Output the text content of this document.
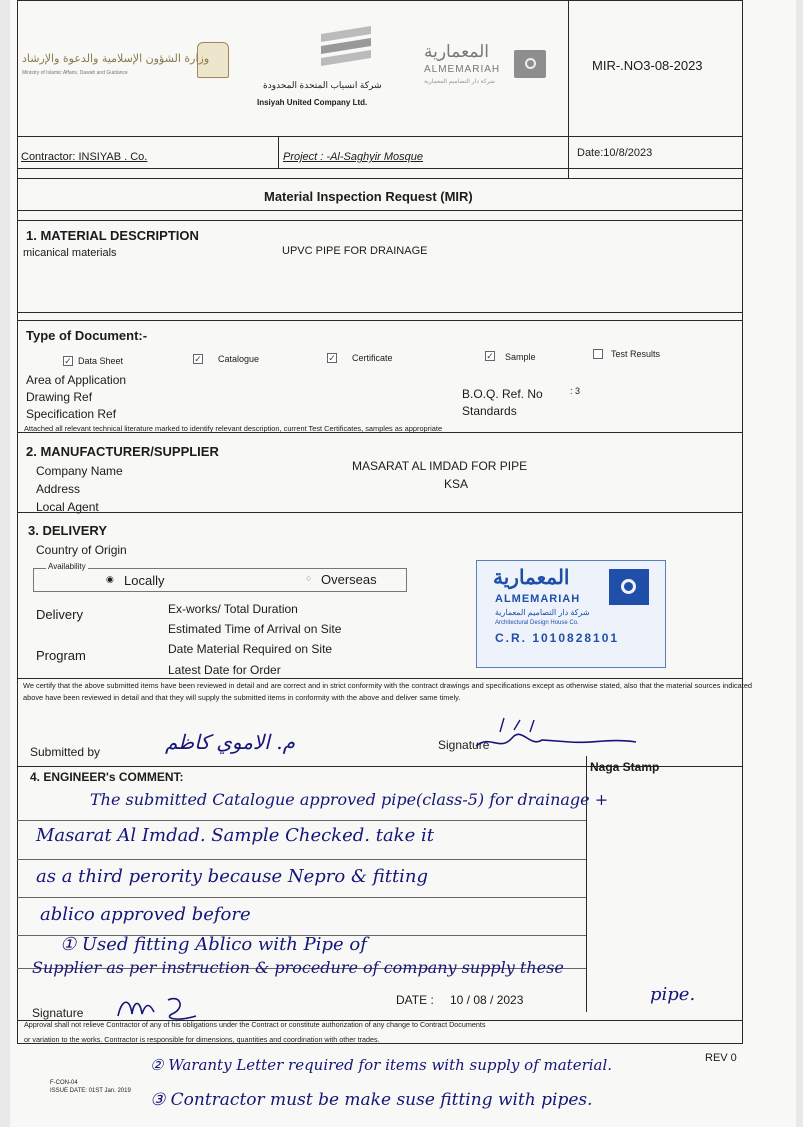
وزارة الشؤون الإسلامية والدعوة والإرشاد
Ministry of Islamic Affairs, Dawah and Guidance
شركة انسياب المتحدة المحدودة
Insiyah United Company Ltd.
المعمارية
ALMEMARIAH
شركة دار التصاميم المعمارية
MIR-.NO3-08-2023
Contractor: INSIYAB . Co.	Project : -Al-Saghyir Mosque	Date:10/8/2023
Material Inspection Request (MIR)
1. MATERIAL DESCRIPTION
micanical materials	UPVC PIPE FOR DRAINAGE
Type of Document:-
✓ Data Sheet	✓ Catalogue	✓ Certificate	✓ Sample	Test Results
Area of Application
Drawing Ref
Specification Ref
B.O.Q. Ref. No	: 3
Standards
Attached all relevant technical literature marked to identify relevant description, current Test Certificates, samples as appropriate
2. MANUFACTURER/SUPPLIER
Company Name	MASARAT AL IMDAD FOR PIPE
Address	KSA
Local Agent
3. DELIVERY
Country of Origin
Availability
◉ Locally	○ Overseas
Delivery	Ex-works/ Total Duration
Estimated Time of Arrival on Site
Program	Date Material Required on Site
Latest Date for Order
المعمارية
ALMEMARIAH
شركة دار التصاميم المعمارية
Architectural Design House Co.
C.R. 1010828101
We certify that the above submitted items have been reviewed in detail and are correct and in strict conformity with the contract drawings and specifications except as otherwise stated, also that the material sources indicated above have been reviewed in detail and that they will supply the submitted items in conformity with the above and deliver same timely.
Submitted by	م. الاموي كاظم	Signature
4. ENGINEER's COMMENT:
Naga Stamp
The submitted Catalogue approved pipe(class-5) for drainage +
Masarat Al Imdad. Sample Checked. take it
as a third perority because Nepro & fitting
ablico approved before
① Used fitting Ablico with Pipe of
Supplier as per instruction & procedure of company supply these
pipe.
DATE : 10 / 08 / 2023
Signature
Approval shall not relieve Contractor of any of his obligations under the Contract or constitute authorization of any change to Contract Documents
or variation to the works. Contractor is responsible for dimensions, quantities and coordination with other trades.
F-CON-04
ISSUE DATE: 01ST Jan. 2019
REV 0
② Waranty Letter required for items with supply of material.
③ Contractor must be make suse fitting with pipes.
